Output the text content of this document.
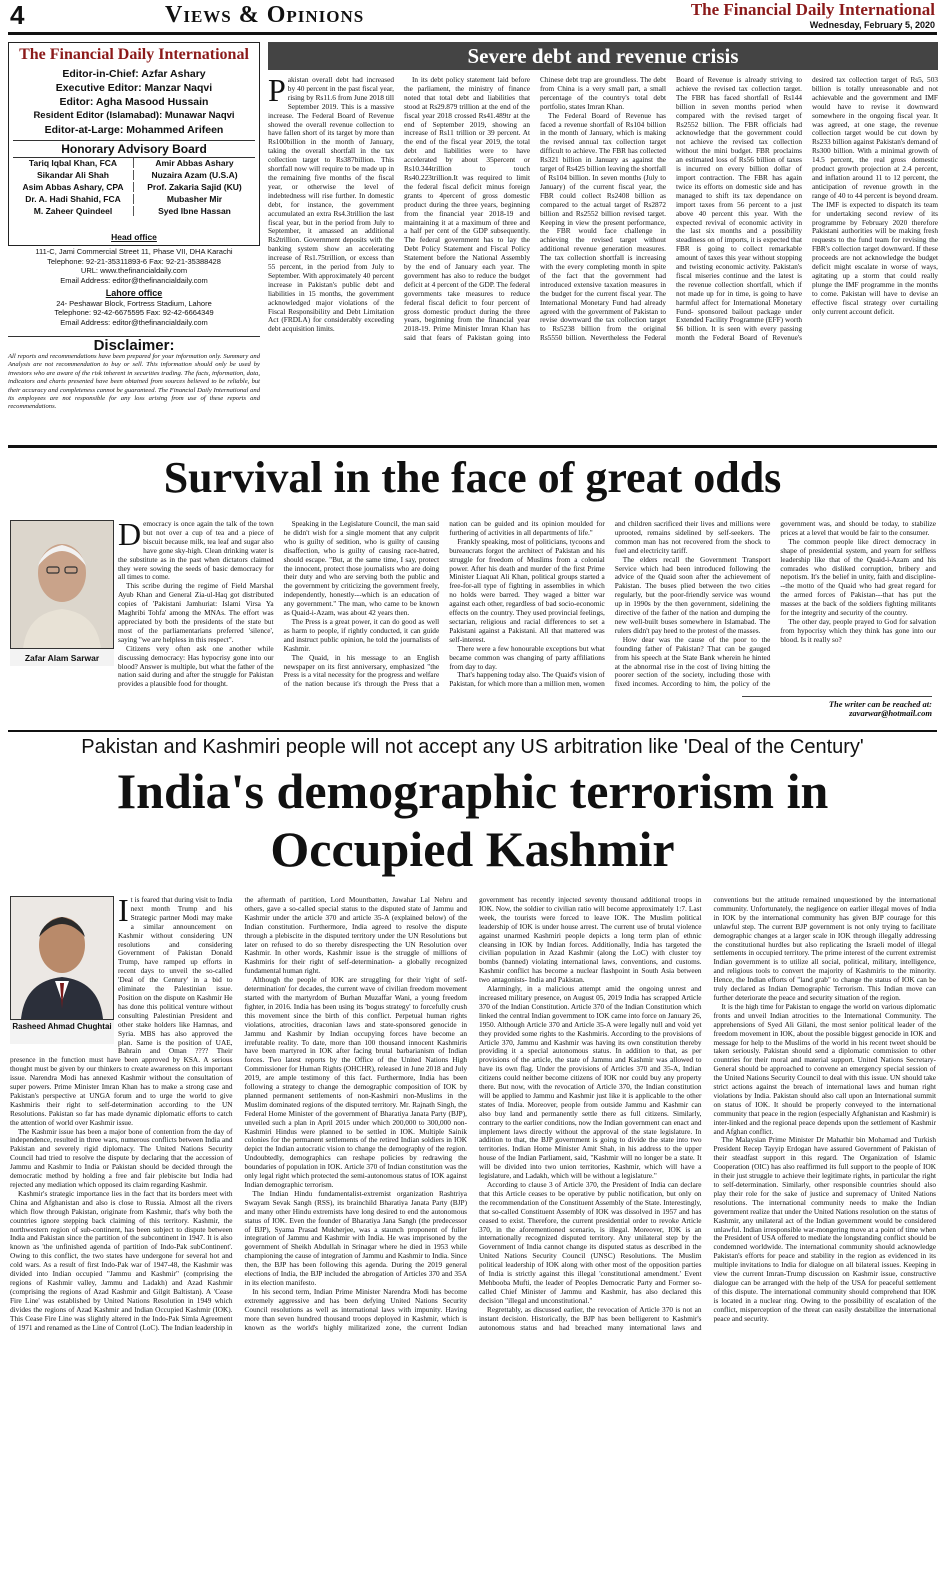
4	Views & Opinions	The Financial Daily International
Wednesday, February 5, 2020
The Financial Daily International
Editor-in-Chief: Azfar Ashary
Executive Editor: Manzar Naqvi
Editor: Agha Masood Hussain
Resident Editor (Islamabad): Munawar Naqvi
Editor-at-Large: Mohammed Arifeen
Honorary Advisory Board
Tariq Iqbal Khan, FCA	Amir Abbas Ashary
Sikandar Ali Shah	Nuzaira Azam (U.S.A)
Asim Abbas Ashary, CPA	Prof. Zakaria Sajid (KU)
Dr. A. Hadi Shahid, FCA	Mubasher Mir
M. Zaheer Quindeel	Syed Ibne Hassan
Head office
111-C, Jami Commercial Street 11, Phase VII, DHA Karachi
Telephone: 92-21-35311893-6 Fax: 92-21-35388428
URL: www.thefinancialdaily.com
Email Address: editor@thefinancialdaily.com
Lahore office
24- Peshawar Block, Fortress Stadium, Lahore
Telephone: 92-42-6675595 Fax: 92-42-6664349
Email Address: editor@thefinancialdaily.com
Disclaimer:
All reports and recommendations have been prepared for your information only. Summary and Analysis are not recommendation to buy or sell. This information should only be used by investors who are aware of the risk inherent in securities trading. The facts, information, data, indicators and charts presented have been obtained from sources believed to be reliable, but their accuracy and completeness cannot be guaranteed. The Financial Daily International and its employees are not responsible for any loss arising from use of these reports and recommendations.
Severe debt and revenue crisis

Pakistan overall debt had increased by 40 percent in the past fiscal year, rising by Rs11.6 from June 2018 till September 2019. This is a massive increase. The Federal Board of Revenue showed the overall revenue collection to have fallen short of its target by more than Rs100billion in the month of January, taking the overall shortfall in the tax collection target to Rs387billion. This shortfall now will require to be made up in the remaining five months of the fiscal year, or otherwise the level of indebtedness will rise further. In domestic debt, for instance, the government accumulated an extra Rs4.3trillion the last fiscal year, but in the period from July to September, it amassed an additional Rs2trillion. Government deposits with the banking system show an accelerating increase of Rs1.75trillion, or excess than 55 percent, in the period from July to September. With approximately 40 percent increase in Pakistan's public debt and liabilities in 15 months, the government acknowledged major violations of the Fiscal Responsibility and Debt Limitation Act (FRDLA) for considerably exceeding debt acquisition limits.

In its debt policy statement laid before the parliament, the ministry of finance noted that total debt and liabilities that stood at Rs29.879 trillion at the end of the fiscal year 2018 crossed Rs41.489tr at the end of September 2019, showing an increase of Rs11 trillion or 39 percent. At the end of the fiscal year 2019, the total debt and liabilities were to have accelerated by about 35percent or Rs10.344trillion to touch Rs40.223trillion.It was required to limit the federal fiscal deficit minus foreign grants to 4percent of gross domestic product during the three years, beginning from the financial year 2018-19 and maintaining it at a maximum of three and a half per cent of the GDP subsequently. The federal government has to lay the Debt Policy Statement and Fiscal Policy Statement before the National Assembly by the end of January each year. The government has also to reduce the budget deficit at 4 percent of the GDP. The federal governments take measures to reduce federal fiscal deficit to four percent of gross domestic product during the three years, beginning from the financial year 2018-19. Prime Minister Imran Khan has said that fears of Pakistan going into Chinese debt trap are groundless. The debt from China is a very small part, a small percentage of the country's total debt portfolio, states Imran Khan.

The Federal Board of Revenue has faced a revenue shortfall of Rs104 billion in the month of January, which is making the revised annual tax collection target difficult to achieve. The FBR has collected Rs321 billion in January as against the target of Rs425 billion leaving the shortfall of Rs104 billion. In seven months (July to January) of the current fiscal year, the FBR could collect Rs2408 billion as compared to the actual target of Rs2872 billion and Rs2552 billion revised target. Keeping in view the present performance, the FBR would face challenge in achieving the revised target without additional revenue generation measures. The tax collection shortfall is increasing with the every completing month in spite of the fact that the government had introduced extensive taxation measures in the budget for the current fiscal year. The International Monetary Fund had already agreed with the government of Pakistan to revise downward the tax collection target to Rs5238 billion from the original Rs5550 billion. Nevertheless the Federal Board of Revenue is already striving to achieve the revised tax collection target. The FBR has faced shortfall of Rs144 billion in seven months period when compared with the revised target of Rs2552 billion. The FBR officials had acknowledge that the government could not achieve the revised tax collection without the mini budget. FBR proclaims an estimated loss of Rs56 billion of taxes is incurred on every billion dollar of import contraction. The FBR has again twice its efforts on domestic side and has managed to shift its tax dependance on import taxes from 56 percent to a just above 40 percent this year. With the expected revival of economic activity in the last six months and a possibility steadiness on of imports, it is expected that FBR is going to collect remarkable amount of taxes this year without stopping and twisting economic activity. Pakistan's fiscal miseries continue and the latest is the revenue collection shortfall, which if not made up for in time, is going to have harmful affect for International Monetary Fund- sponsored bailout package under Extended Facility Programme (EFF) worth $6 billion. It is seen with every passing month the Federal Board of Revenue's desired tax collection target of Rs5, 503 billion is totally unreasonable and not achievable and the government and IMF would have to revise it downward somewhere in the ongoing fiscal year. It was agreed, at one stage, the revenue collection target would be cut down by Rs233 billion against Pakistan's demand of Rs300 billion. With a minimal growth of 14.5 percent, the real gross domestic product growth projection at 2.4 percent, and inflation around 11 to 12 percent, the anticipation of revenue growth in the range of 40 to 44 percent is beyond dream. The IMF is expected to dispatch its team for undertaking second review of its programme by February 2020 therefore Pakistani authorities will be making fresh requests to the fund team for revising the FBR's collection target downward. If these proceeds are not acknowledge the budget deficit might escalate in worse of ways, agitating up a storm that could really plunge the IMF programme in the months to come. Pakistan will have to devise an effective fiscal strategy over curtailing only current account deficit.

Survival in the face of great odds

Democracy is once again the talk of the town but not over a cup of tea and a piece of biscuit because milk, tea leaf and sugar also have gone sky-high. Clean drinking water is the substitute as in the past when dictators claimed they were sowing the seeds of basic democracy for all times to come.

This scribe during the regime of Field Marshal Ayub Khan and General Zia-ul-Haq got distributed copies of 'Pakistani Jamhuriat: Islami Virsa Ya Maghribi Tohfa' among the MNAs. The effort was appreciated by both the presidents of the state but most of the parliamentarians preferred 'silence', saying "we are helpless in this respect".

Citizens very often ask one another while discussing democracy: Has hypocrisy gone into our blood? Answer is multiple, but what the father of the nation said during and after the struggle for Pakistan provides a plausible food for thought.

Speaking in the Legislature Council, the man said he didn't wish for a single moment that any culprit who is guilty of sedition, who is guilty of causing disaffection, who is guilty of causing race-hatred, should escape. "But, at the same time, I say, protect the innocent, protect those journalists who are doing their duty and who are serving both the public and the government by criticizing the government freely, independently, honestly---which is an education of any government." The man, who came to be known as Quaid-i-Azam, was about 42 years then.

The Press is a great power, it can do good as well as harm to people, if rightly conducted, it can guide and instruct public opinion, he told the journalists of Kashmir.

The Quaid, in his message to an English newspaper on its first anniversary, emphasized "the Press is a vital necessity for the progress and welfare of the nation because it's through the Press that a nation can be guided and its opinion moulded for furthering of activities in all departments of life."

Frankly speaking, most of politicians, tycoons and bureaucrats forgot the architect of Pakistan and his struggle for freedom of Muslims from a colonial power. After his death and murder of the first Prime Minister Liaquat Ali Khan, political groups started a free-for-all type of fighting in assemblies in which no holds were barred. They waged a bitter war against each other, regardless of bad socio-economic effects on the country. They used provincial feelings, sectarian, religious and racial differences to set a Pakistani against a Pakistani. All that mattered was self-interest.

There were a few honourable exceptions but what became common was changing of party affiliations from day to day.

That's happening today also. The Quaid's vision of Pakistan, for which more than a million men, women and children sacrificed their lives and millions were uprooted, remains sidelined by self-seekers. The common man has not recovered from the shock to fuel and electricity tariff.

The elders recall the Government Transport Service which had been introduced following the advice of the Quaid soon after the achievement of Pakistan. The buses plied between the two cities regularly, but the poor-friendly service was wound up in 1990s by the then government, sidelining the directive of the father of the nation and dumping the new well-built buses somewhere in Islamabad. The rulers didn't pay heed to the protest of the masses.

How dear was the cause of the poor to the founding father of Pakistan? That can be gauged from his speech at the State Bank wherein he hinted at the abnormal rise in the cost of living hitting the poorer section of the society, including those with fixed incomes. According to him, the policy of the government was, and should be today, to stabilize prices at a level that would be fair to the consumer.

The common people like direct democracy in shape of presidential system, and yearn for selfless leadership like that of the Quaid-i-Azam and his comrades who disliked corruption, bribery and nepotism. It's the belief in unity, faith and discipline---the motto of the Quaid who had great regard for the armed forces of Pakistan---that has put the masses at the back of the soldiers fighting militants for the integrity and security of the country.

The other day, people prayed to God for salvation from hypocrisy which they think has gone into our blood. Is it really so?

Zafar Alam Sarwar
The writer can be reached at:
zavarwar@hotmail.com
Pakistan and Kashmiri people will not accept any US arbitration like 'Deal of the Century'
India's demographic terrorism in
Occupied Kashmir

It is feared that during visit to India next month Trump and his Strategic partner Modi may make a similar announcement on Kashmir without considering UN resolutions and considering Government of Pakistan Donald Trump, have ramped up efforts in recent days to unveil the so-called 'Deal of the Century' in a bid to eliminate the Palestinian issue. Position on the dispute on Kashmir He has done this political venture without consulting Palestinian President and other stake holders like Hamnas, and Syria. MBS has also approved the plan. Same is the position of UAE, Bahrain and Oman ???? Their presence in the function must have been approved by KSA. A serious thought must be given by our thinkers to create awareness on this important issue. Narendra Modi has annexed Kashmir without the consultation of super powers. Prime Minister Imran Khan has to make a strong case and Pakistan's perspective at UNGA forum and to urge the world to give Kashmiris their right to self-determination according to the UN Resolutions. Pakistan so far has made dynamic diplomatic efforts to catch the attention of world over Kashmir issue.

The Kashmir issue has been a major bone of contention from the day of independence, resulted in three wars, numerous conflicts between India and Pakistan and severely rigid diplomacy. The United Nations Security Council had tried to resolve the dispute by declaring that the accession of Jammu and Kashmir to India or Pakistan should be decided through the democratic method by holding a free and fair plebiscite but India had rejected any mediation which opposed its claim regarding Kashmir.

Kashmir's strategic importance lies in the fact that its borders meet with China and Afghanistan and also is close to Russia. Almost all the rivers which flow through Pakistan, originate from Kashmir, that's why both the countries ignore stepping back claiming of this territory. Kashmir, the northwestern region of sub-continent, has been subject to dispute between India and Pakistan since the partition of the subcontinent in 1947. It is also known as 'the unfinished agenda of partition of Indo-Pak subContinent'. Owing to this conflict, the two states have undergone for several hot and cold wars. As a result of first Indo-Pak war of 1947-48, the Kashmir was divided into Indian occupied "Jammu and Kashmir" (comprising the regions of Kashmir valley, Jammu and Ladakh) and Azad Kashmir (comprising the regions of Azad Kashmir and Gilgit Baltistan). A 'Cease Fire Line' was established by United Nations Resolution in 1949 which divides the regions of Azad Kashmir and Indian Occupied Kashmir (IOK). This Cease Fire Line was slightly altered in the Indo-Pak Simla Agreement of 1971 and renamed as the Line of Control (LoC). The Indian leadership in the aftermath of partition, Lord Mountbatten, Jawahar Lal Nehru and others, gave a so-called special status to the disputed state of Jammu and Kashmir under the article 370 and article 35-A (explained below) of the Indian constitution. Furthermore, India agreed to resolve the dispute through a plebiscite in the disputed territory under the UN Resolutions but later on refused to do so thereby disrespecting the UN Resolution over Kashmir. In other words, Kashmir issue is the struggle of millions of Kashmiris for their right of self-determination- a globally recognized fundamental human right.

Although the people of IOK are struggling for their 'right of self-determination' for decades, the current wave of civilian freedom movement started with the martyrdom of Burhan Muzaffar Wani, a young freedom fighter, in 2016. India has been using its 'bogus strategy' to forcefully crush this movement since the birth of this conflict. Perpetual human rights violations, atrocities, draconian laws and state-sponsored genocide in Jammu and Kashmir by Indian occupying forces have become an irrefutable reality. To date, more than 100 thousand innocent Kashmiris have been martyred in IOK after facing brutal barbarianism of Indian forces. Two latest reports by the Office of the United Nations High Commissioner for Human Rights (OHCHR), released in June 2018 and July 2019, are ample testimony of this fact. Furthermore, India has been following a strategy to change the demographic composition of IOK by planned permanent settlements of non-Kashmiri non-Muslims in the Muslim dominated regions of the disputed territory. Mr. Rajnath Singh, the Federal Home Minister of the government of Bharatiya Janata Party (BJP), unveiled such a plan in April 2015 under which 200,000 to 300,000 non-Kashmiri Hindus were planned to be settled in IOK. Multiple Sainik colonies for the permanent settlements of the retired Indian soldiers in IOK depict the Indian autocratic vision to change the demography of the region. Undoubtedly, demographics can reshape policies by redrawing the boundaries of population in IOK. Article 370 of Indian constitution was the only legal right which protected the semi-autonomous status of IOK against Indian demographic terrorism.

The Indian Hindu fundamentalist-extremist organization Rashtriya Swayam Sevak Sangh (RSS), its brainchild Bharatiya Janata Party (BJP) and many other Hindu extremists have long desired to end the autonomous status of IOK. Even the founder of Bharatiya Jana Sangh (the predecessor of BJP), Syama Prasad Mukherjee, was a staunch proponent of fuller integration of Jammu and Kashmir with India. He was imprisoned by the government of Sheikh Abdullah in Srinagar where he died in 1953 while championing the cause of integration of Jammu and Kashmir to India. Since then, the BJP has been following this agenda. During the 2019 general elections of India, the BJP included the abrogation of Articles 370 and 35A in its election manifesto.

In his second term, Indian Prime Minister Narendra Modi has become extremely aggressive and has been defying United Nations Security Council resolutions as well as international laws with impunity. Having more than seven hundred thousand troops deployed in Kashmir, which is known as the world's highly militarized zone, the current Indian government has recently injected seventy thousand additional troops in IOK. Now, the soldier to civilian ratio will become approximately 1:7. Last week, the tourists were forced to leave IOK. The Muslim political leadership of IOK is under house arrest. The current use of brutal violence against unarmed Kashmiri people depicts a long term plan of ethnic cleansing in IOK by Indian forces. Additionally, India has targeted the civilian population in Azad Kashmir (along the LoC) with cluster toy bombs (banned) violating international laws, conventions, and customs. Kashmir conflict has become a nuclear flashpoint in South Asia between two antagonists- India and Pakistan.

Alarmingly, in a malicious attempt amid the ongoing unrest and increased military presence, on August 05, 2019 India has scrapped Article 370 of the Indian Constitution. Article 370 of the Indian Constitution which linked the central Indian government to IOK came into force on January 26, 1950. Although Article 370 and Article 35-A were legally null and void yet they provided some rights to the Kashmiris. According to the provisions of Article 370, Jammu and Kashmir was having its own constitution thereby providing it a special autonomous status. In addition to that, as per provisions of the article, the state of Jammu and Kashmir was allowed to have its own flag. Under the provisions of Articles 370 and 35-A, Indian citizens could neither become citizens of IOK nor could buy any property there. But now, with the revocation of Article 370, the Indian constitution will be applied to Jammu and Kashmir just like it is applicable to the other states of India. Moreover, people from outside Jammu and Kashmir can also buy land and permanently settle there as full citizens. Similarly, contrary to the earlier conditions, now the Indian government can enact and implement laws directly without the approval of the state legislature. In addition to that, the BJP government is going to divide the state into two territories. Indian Home Minister Amit Shah, in his address to the upper house of the Indian Parliament, said, "Kashmir will no longer be a state. It will be divided into two union territories, Kashmir, which will have a legislature, and Ladakh, which will be without a legislature."

According to clause 3 of Article 370, the President of India can declare that this Article ceases to be operative by public notification, but only on the recommendation of the Constituent Assembly of the State. Interestingly, that so-called Constituent Assembly of IOK was dissolved in 1957 and has ceased to exist. Therefore, the current presidential order to revoke Article 370, in the aforementioned scenario, is illegal. Moreover, IOK is an internationally recognized disputed territory. Any unilateral step by the Government of India cannot change its disputed status as described in the United Nations Security Council (UNSC) Resolutions. The Muslim political leadership of IOK along with other most of the opposition parties of India is strictly against this illegal 'constitutional amendment.' Event Mehbooba Mufti, the leader of Peoples Democratic Party and Former so-called Chief Minister of Jammu and Kashmir, has also declared this decision "illegal and unconstitutional."

Regrettably, as discussed earlier, the revocation of Article 370 is not an instant decision. Historically, the BJP has been belligerent to Kashmir's autonomous status and had breached many international laws and conventions but the attitude remained unquestioned by the international community. Unfortunately, the negligence on earlier illegal moves of India in IOK by the international community has given BJP courage for this unlawful step. The current BJP government is not only trying to facilitate demographic changes at a larger scale in IOK through illegally addressing the constitutional hurdles but also replicating the Israeli model of illegal settlements in occupied territory. The prime interest of the current extremist Indian government is to utilize all social, political, military, intelligence, and religious tools to convert the majority of Kashmiris to the minority. Hence, the Indian efforts of "land grab" to change the status of IOK can be truly declared as Indian Demographic Terrorism. This Indian move can further deteriorate the peace and security situation of the region.

It is the high time for Pakistan to engage the world on various diplomatic fronts and unveil Indian atrocities to the International Community. The apprehensions of Syed Ali Gilani, the most senior political leader of the freedom movement in IOK, about the possible biggest genocide in IOK and message for help to the Muslims of the world in his recent tweet should be taken seriously. Pakistan should send a diplomatic commission to other countries for their moral and material support. United Nations Secretary-General should be approached to convene an emergency special session of the United Nations Security Council to deal with this issue. UN should take strict actions against the breach of international laws and human right violations by India. Pakistan should also call upon an International summit on status of IOK. It should be properly conveyed to the international community that peace in the region (especially Afghanistan and Kashmir) is inter-linked and the regional peace depends upon the settlement of Kashmir and Afghan conflict.

The Malaysian Prime Minister Dr Mahathir bin Mohamad and Turkish President Recep Tayyip Erdogan have assured Government of Pakistan of their steadfast support in this regard. The Organization of Islamic Cooperation (OIC) has also reaffirmed its full support to the people of IOK in their just struggle to achieve their legitimate rights, in particular the right to self-determination. Similarly, other responsible countries should also play their role for the sake of justice and supremacy of United Nations resolutions. The international community needs to make the Indian government realize that under the United Nations resolution on the status of Kashmir, any unilateral act of the Indian government would be considered unlawful. Indian irresponsible war-mongering move at a point of time when the President of USA offered to mediate the longstanding conflict should be condemned worldwide. The international community should acknowledge Pakistan's efforts for peace and stability in the region as evidenced in its multiple invitations to India for dialogue on all bilateral issues. Keeping in view the current Imran-Trump discussion on Kashmir issue, constructive dialogue can be arranged with the help of the USA for peaceful settlement of this dispute. The international community should comprehend that IOK is located in a nuclear ring. Owing to the possibility of escalation of the conflict, misperception of the threat can easily destabilize the international peace and security.

Rasheed Ahmad Chughtai
